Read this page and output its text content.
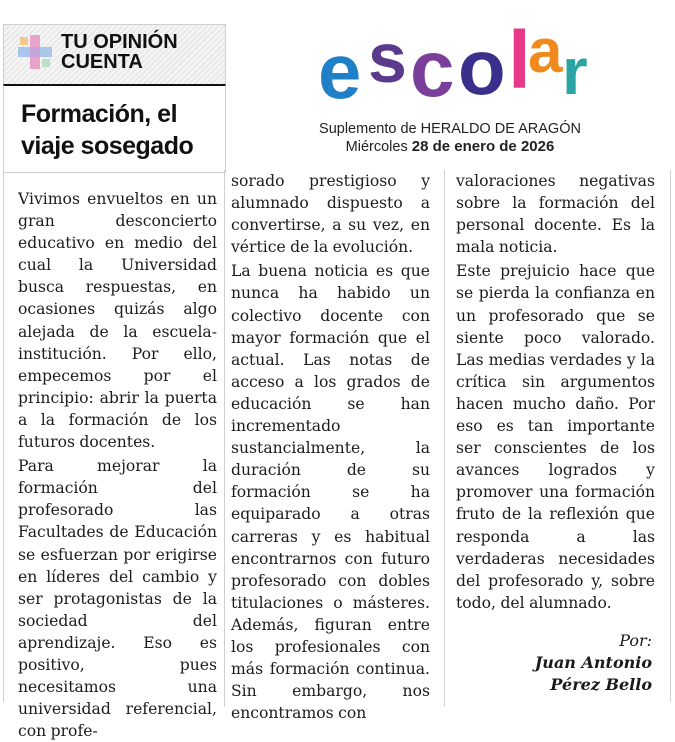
TU OPINIÓN
CUENTA
Formación, el
viaje sosegado
e s c o l
a r
Suplemento de HERALDO DE ARAGÓN
Miércoles 28 de enero de 2026

Vivimos envueltos en un gran desconcierto educativo en medio del cual la Universidad busca respuestas, en ocasiones quizás algo alejada de la escuela-institución. Por ello, empecemos por el principio: abrir la puerta a la formación de los futuros docentes.

Para mejorar la formación del profesorado las Facultades de Educación se esfuerzan por erigirse en líderes del cambio y ser protagonistas de la sociedad del aprendizaje. Eso es positivo, pues necesitamos una universidad referencial, con profe-

sorado prestigioso y alumnado dispuesto a convertirse, a su vez, en vértice de la evolución.

La buena noticia es que nunca ha habido un colectivo docente con mayor formación que el actual. Las notas de acceso a los grados de educación se han incrementado sustancialmente, la duración de su formación se ha equiparado a otras carreras y es habitual encontrarnos con futuro profesorado con dobles titulaciones o másteres. Además, figuran entre los profesionales con más formación continua. Sin embargo, nos encontramos con

valoraciones negativas sobre la formación del personal docente. Es la mala noticia.

Este prejuicio hace que se pierda la confianza en un profesorado que se siente poco valorado. Las medias verdades y la crítica sin argumentos hacen mucho daño. Por eso es tan importante ser conscientes de los avances logrados y promover una formación fruto de la reflexión que responda a las verdaderas necesidades del profesorado y, sobre todo, del alumnado.

Por:
Juan Antonio
Pérez Bello
